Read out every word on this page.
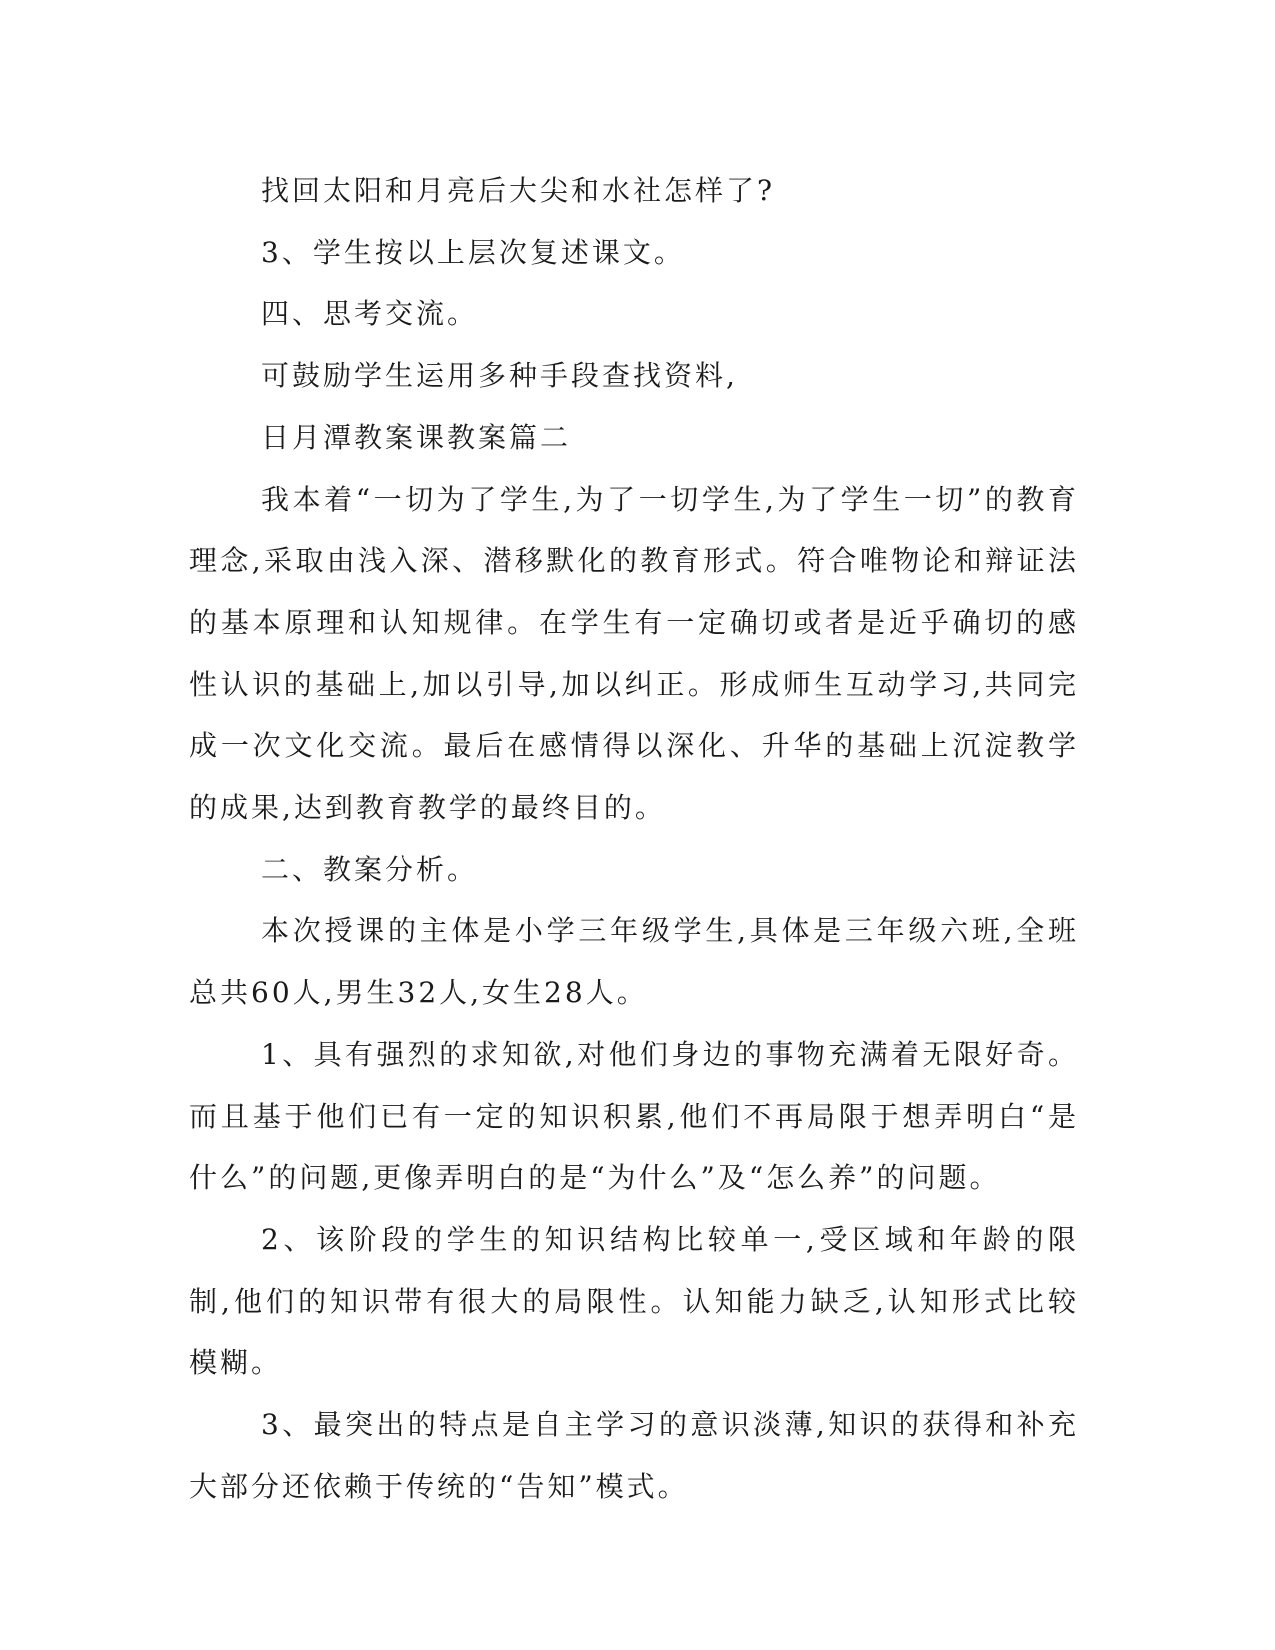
找回太阳和月亮后大尖和水社怎样了?

3、学生按以上层次复述课文。

四、思考交流。

可鼓励学生运用多种手段查找资料,

日月潭教案课教案篇二

我本着“一切为了学生,为了一切学生,为了学生一切”的教育理念,采取由浅入深、潜移默化的教育形式。符合唯物论和辩证法的基本原理和认知规律。在学生有一定确切或者是近乎确切的感性认识的基础上,加以引导,加以纠正。形成师生互动学习,共同完成一次文化交流。最后在感情得以深化、升华的基础上沉淀教学的成果,达到教育教学的最终目的。

二、教案分析。

本次授课的主体是小学三年级学生,具体是三年级六班,全班总共60人,男生32人,女生28人。

1、具有强烈的求知欲,对他们身边的事物充满着无限好奇。而且基于他们已有一定的知识积累,他们不再局限于想弄明白“是什么”的问题,更像弄明白的是“为什么”及“怎么养”的问题。

2、该阶段的学生的知识结构比较单一,受区域和年龄的限制,他们的知识带有很大的局限性。认知能力缺乏,认知形式比较模糊。

3、最突出的特点是自主学习的意识淡薄,知识的获得和补充大部分还依赖于传统的“告知”模式。
